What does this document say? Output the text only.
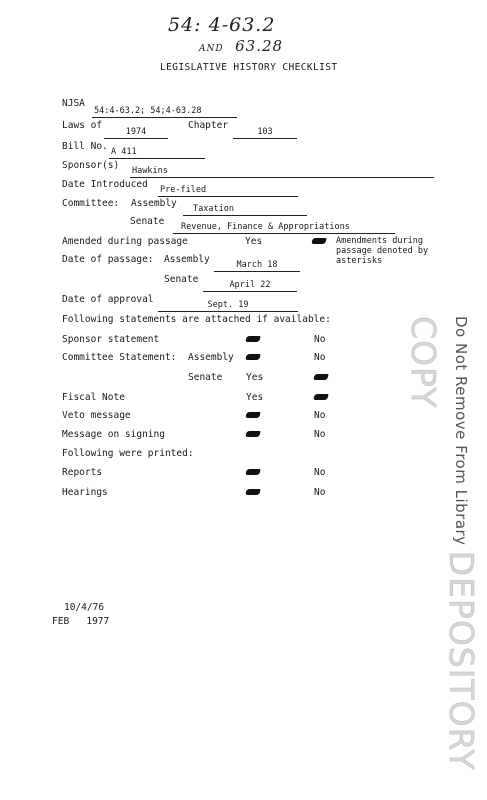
54: 4-63.2
AND 63.28
LEGISLATIVE HISTORY CHECKLIST
NJSA
54:4-63.2; 54;4-63.28
Laws of
1974
Chapter
103
Bill No. A 411
Sponsor(s) Hawkins
Date Introduced Pre-filed
Committee: Assembly	Taxation
Senate	Revenue, Finance & Appropriations
Amended during passage	Yes	Amendments during
passage denoted by
asterisks
Date of passage: Assembly	March 18
Senate	April 22
Date of approval	Sept. 19
Following statements are attached if available:
Sponsor statement	No
Committee Statement: Assembly	No
Senate Yes
Fiscal Note	Yes
Veto message	No
Message on signing	No
Following were printed:
Reports	No
Hearings	No	Do Not Remove From Library DEPOSITORY COPY
10/4/76
FEB 1977
